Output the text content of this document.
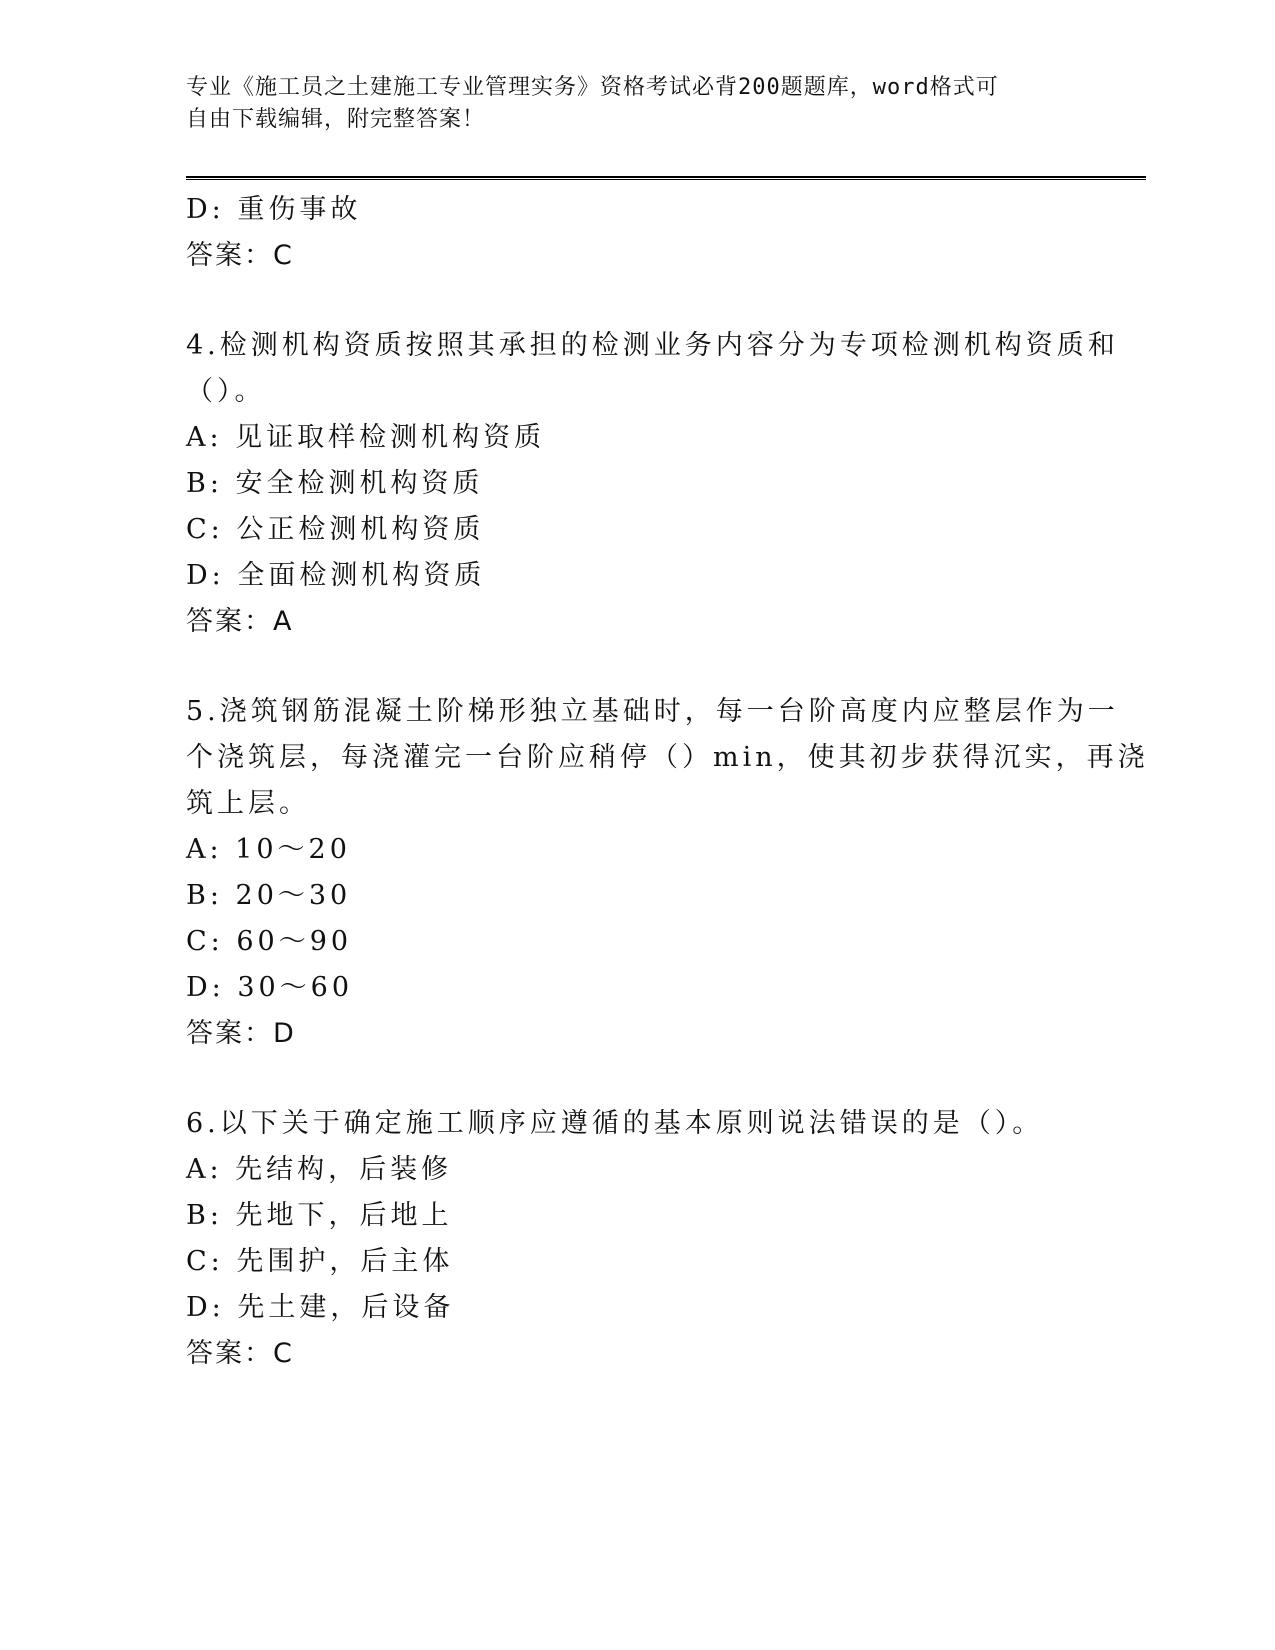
专业《施工员之土建施工专业管理实务》资格考试必背200题题库，word格式可
自由下载编辑，附完整答案！
D: 重伤事故
答案：C
4.检测机构资质按照其承担的检测业务内容分为专项检测机构资质和
（）。
A: 见证取样检测机构资质
B: 安全检测机构资质
C: 公正检测机构资质
D: 全面检测机构资质
答案：A
5.浇筑钢筋混凝土阶梯形独立基础时，每一台阶高度内应整层作为一
个浇筑层，每浇灌完一台阶应稍停（）min，使其初步获得沉实，再浇
筑上层。
A: 10～20
B: 20～30
C: 60～90
D: 30～60
答案：D
6.以下关于确定施工顺序应遵循的基本原则说法错误的是（）。
A: 先结构，后装修
B: 先地下，后地上
C: 先围护，后主体
D: 先土建，后设备
答案：C
